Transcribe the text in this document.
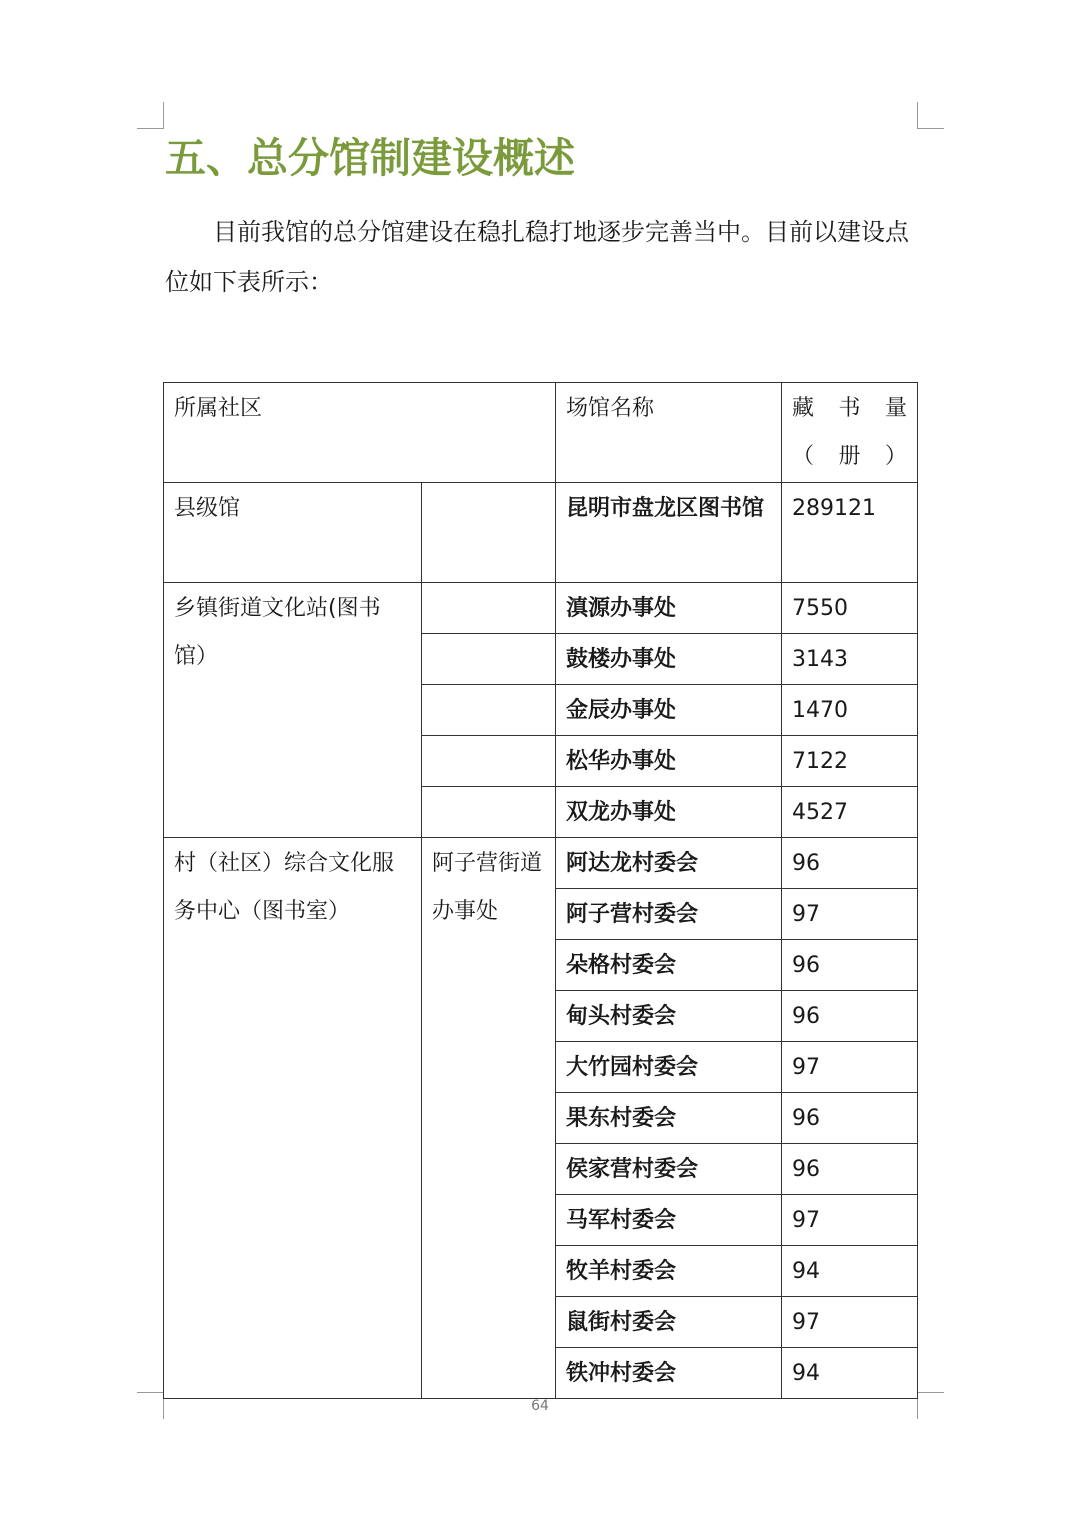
五、总分馆制建设概述
目前我馆的总分馆建设在稳扎稳打地逐步完善当中。目前以建设点位如下表所示：
所属社区		场馆名称	藏　书　量（册）
县级馆		昆明市盘龙区图书馆	289121
乡镇街道文化站(图书馆）		滇源办事处	7550
		鼓楼办事处	3143
		金辰办事处	1470
		松华办事处	7122
		双龙办事处	4527
村（社区）综合文化服务中心（图书室）	阿子营街道办事处	阿达龙村委会	96
		阿子营村委会	97
		朵格村委会	96
		甸头村委会	96
		大竹园村委会	97
		果东村委会	96
		侯家营村委会	96
		马军村委会	97
		牧羊村委会	94
		鼠街村委会	97
		铁冲村委会	94
64
